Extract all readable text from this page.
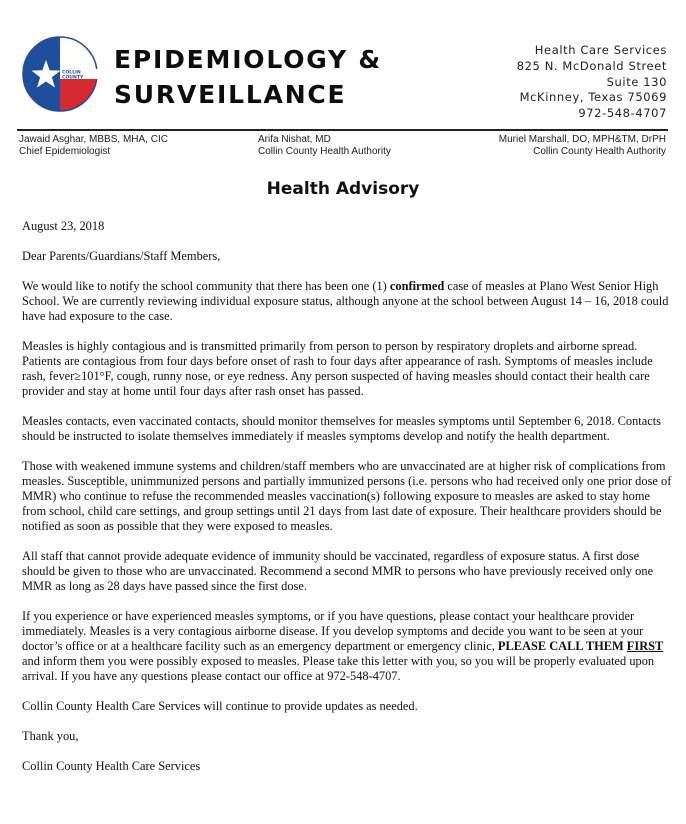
COLLIN
COUNTY
EPIDEMIOLOGY &
SURVEILLANCE
Health Care Services
825 N. McDonald Street
Suite 130
McKinney, Texas 75069
972-548-4707
Jawaid Asghar, MBBS, MHA, CIC
Chief Epidemiologist
Arifa Nishat, MD
Collin County Health Authority
Muriel Marshall, DO, MPH&TM, DrPH
Collin County Health Authority
Health Advisory

August 23, 2018

Dear Parents/Guardians/Staff Members,

We would like to notify the school community that there has been one (1) confirmed case of measles at Plano West Senior High School. We are currently reviewing individual exposure status, although anyone at the school between August 14 – 16, 2018 could have had exposure to the case.

Measles is highly contagious and is transmitted primarily from person to person by respiratory droplets and airborne spread. Patients are contagious from four days before onset of rash to four days after appearance of rash. Symptoms of measles include rash, fever≥101°F, cough, runny nose, or eye redness. Any person suspected of having measles should contact their health care provider and stay at home until four days after rash onset has passed.

Measles contacts, even vaccinated contacts, should monitor themselves for measles symptoms until September 6, 2018. Contacts should be instructed to isolate themselves immediately if measles symptoms develop and notify the health department.

Those with weakened immune systems and children/staff members who are unvaccinated are at higher risk of complications from measles. Susceptible, unimmunized persons and partially immunized persons (i.e. persons who had received only one prior dose of MMR) who continue to refuse the recommended measles vaccination(s) following exposure to measles are asked to stay home from school, child care settings, and group settings until 21 days from last date of exposure. Their healthcare providers should be notified as soon as possible that they were exposed to measles.

All staff that cannot provide adequate evidence of immunity should be vaccinated, regardless of exposure status. A first dose should be given to those who are unvaccinated. Recommend a second MMR to persons who have previously received only one MMR as long as 28 days have passed since the first dose.

If you experience or have experienced measles symptoms, or if you have questions, please contact your healthcare provider immediately. Measles is a very contagious airborne disease. If you develop symptoms and decide you want to be seen at your doctor’s office or at a healthcare facility such as an emergency department or emergency clinic, PLEASE CALL THEM FIRST and inform them you were possibly exposed to measles. Please take this letter with you, so you will be properly evaluated upon arrival. If you have any questions please contact our office at 972-548-4707.

Collin County Health Care Services will continue to provide updates as needed.

Thank you,

Collin County Health Care Services
